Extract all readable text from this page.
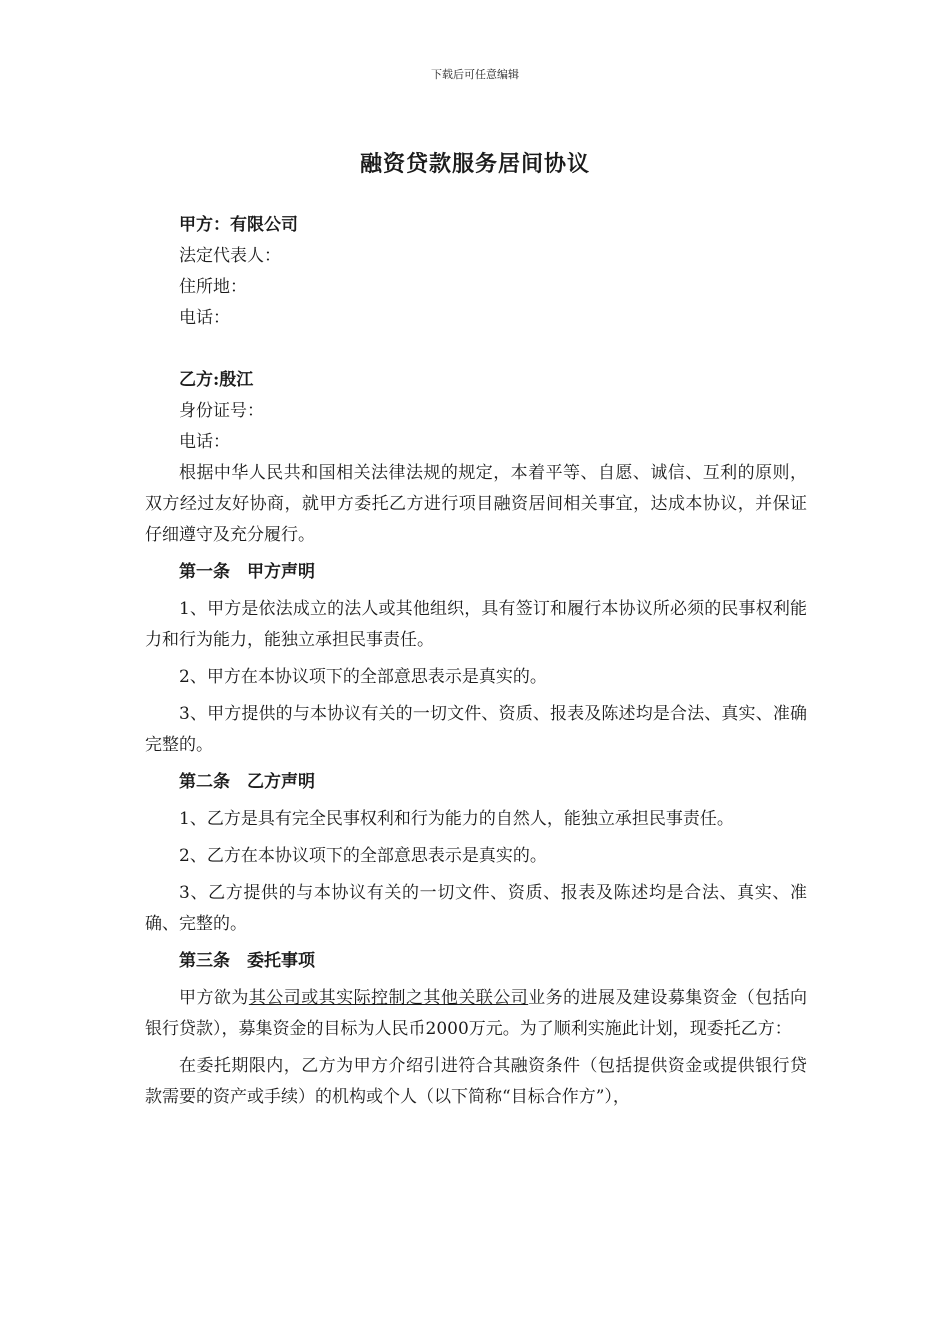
下载后可任意编辑
融资贷款服务居间协议

甲方：有限公司

法定代表人：

住所地：

电话：

乙方:殷江

身份证号：

电话：

根据中华人民共和国相关法律法规的规定，本着平等、自愿、诚信、互利的原则，双方经过友好协商，就甲方委托乙方进行项目融资居间相关事宜，达成本协议，并保证仔细遵守及充分履行。

第一条　甲方声明

1、甲方是依法成立的法人或其他组织，具有签订和履行本协议所必须的民事权利能力和行为能力，能独立承担民事责任。

2、甲方在本协议项下的全部意思表示是真实的。

3、甲方提供的与本协议有关的一切文件、资质、报表及陈述均是合法、真实、准确完整的。

第二条　乙方声明

1、乙方是具有完全民事权利和行为能力的自然人，能独立承担民事责任。

2、乙方在本协议项下的全部意思表示是真实的。

3、乙方提供的与本协议有关的一切文件、资质、报表及陈述均是合法、真实、准确、完整的。

第三条　委托事项

甲方欲为其公司或其实际控制之其他关联公司业务的进展及建设募集资金（包括向银行贷款），募集资金的目标为人民币2000万元。为了顺利实施此计划，现委托乙方：

在委托期限内，乙方为甲方介绍引进符合其融资条件（包括提供资金或提供银行贷款需要的资产或手续）的机构或个人（以下简称“目标合作方”），
